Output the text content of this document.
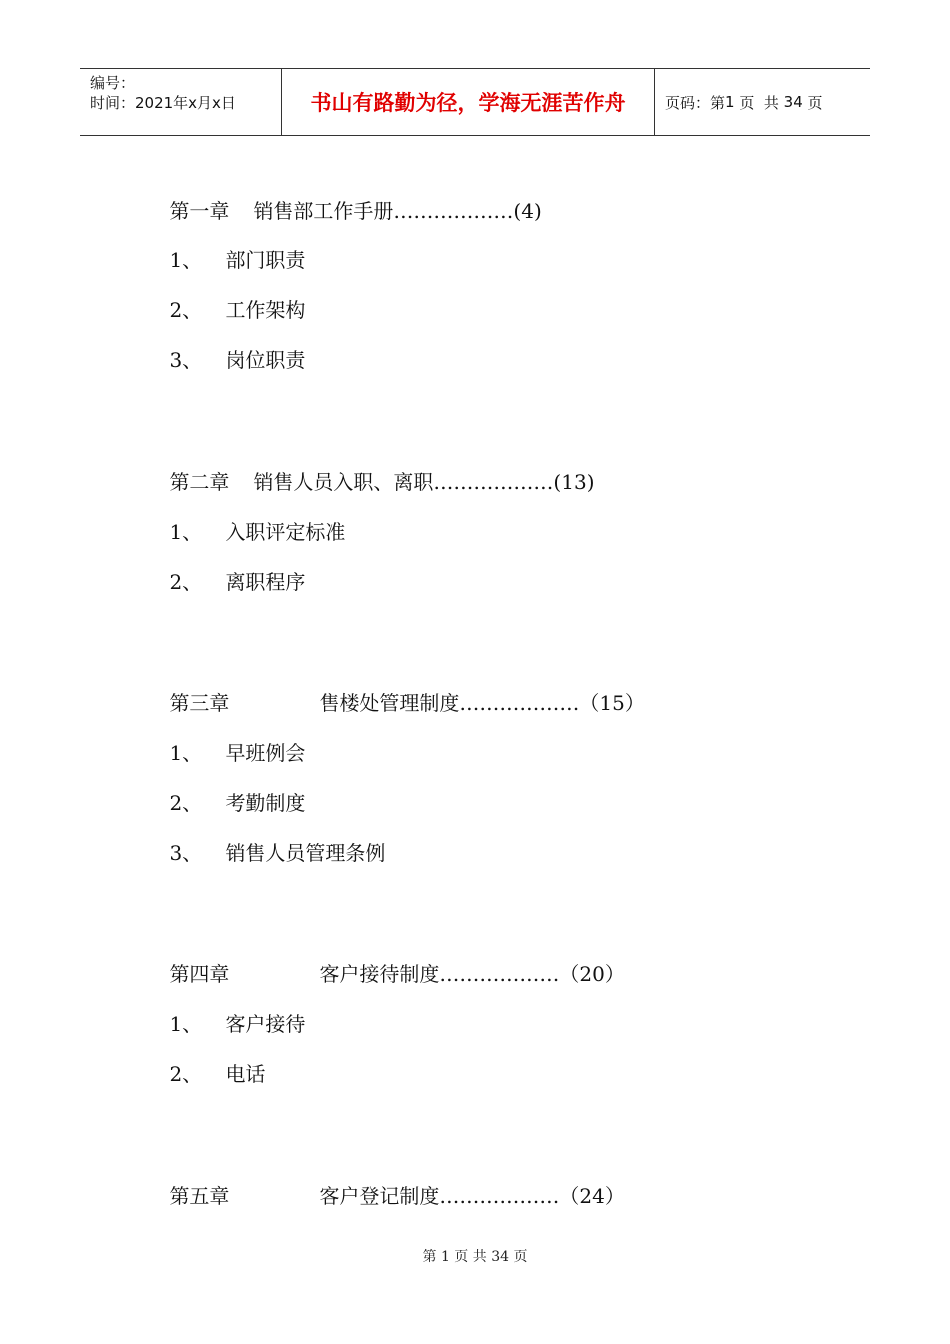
编号：
时间：2021年x月x日	书山有路勤为径，学海无涯苦作舟	页码：第 1
页  共
34
页

第一章 销售部工作手册………………(4)

1、 部门职责

2、 工作架构

3、 岗位职责

第二章 销售人员入职、离职………………(13)

1、 入职评定标准

2、 离职程序

第三章	售楼处管理制度………………（15）

1、 早班例会

2、 考勤制度

3、 销售人员管理条例

第四章	客户接待制度………………（20）

1、 客户接待

2、 电话

第五章	客户登记制度………………（24）

第 1 页 共 34 页
